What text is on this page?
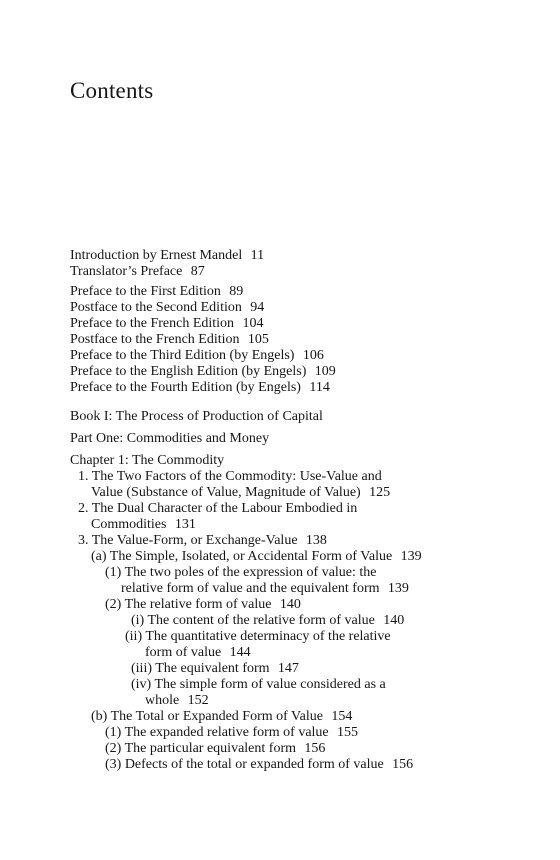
Contents
Introduction by Ernest Mandel 11
Translator’s Preface 87
Preface to the First Edition 89
Postface to the Second Edition 94
Preface to the French Edition 104
Postface to the French Edition 105
Preface to the Third Edition (by Engels) 106
Preface to the English Edition (by Engels) 109
Preface to the Fourth Edition (by Engels) 114
Book I: The Process of Production of Capital
Part One: Commodities and Money
Chapter 1: The Commodity
1. The Two Factors of the Commodity: Use-Value and
Value (Substance of Value, Magnitude of Value) 125
2. The Dual Character of the Labour Embodied in
Commodities 131
3. The Value-Form, or Exchange-Value 138
(a) The Simple, Isolated, or Accidental Form of Value 139
(1) The two poles of the expression of value: the
relative form of value and the equivalent form 139
(2) The relative form of value 140
(i) The content of the relative form of value 140
(ii) The quantitative determinacy of the relative
form of value 144
(iii) The equivalent form 147
(iv) The simple form of value considered as a
whole 152
(b) The Total or Expanded Form of Value 154
(1) The expanded relative form of value 155
(2) The particular equivalent form 156
(3) Defects of the total or expanded form of value 156
